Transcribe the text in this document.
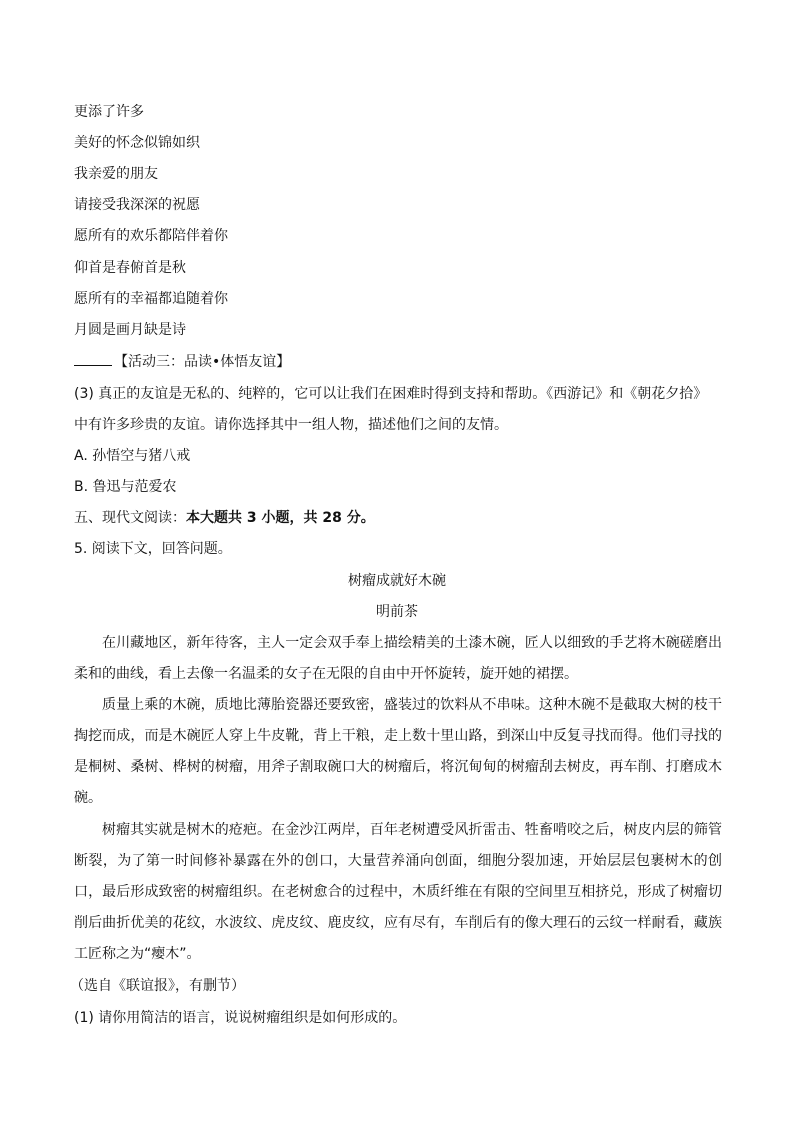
更添了许多
美好的怀念似锦如织
我亲爱的朋友
请接受我深深的祝愿
愿所有的欢乐都陪伴着你
仰首是春俯首是秋
愿所有的幸福都追随着你
月圆是画月缺是诗
【活动三：品读•体悟友谊】
(3) 真正的友谊是无私的、纯粹的，它可以让我们在困难时得到支持和帮助。《西游记》和《朝花夕拾》
中有许多珍贵的友谊。请你选择其中一组人物，描述他们之间的友情。
A. 孙悟空与猪八戒
B. 鲁迅与范爱农
五、现代文阅读：本大题共 3 小题，共 28 分。
5. 阅读下文，回答问题。
树瘤成就好木碗
明前茶
在川藏地区，新年待客，主人一定会双手奉上描绘精美的土漆木碗，匠人以细致的手艺将木碗磋磨出柔和的曲线，看上去像一名温柔的女子在无限的自由中开怀旋转，旋开她的裙摆。
质量上乘的木碗，质地比薄胎瓷器还要致密，盛装过的饮料从不串味。这种木碗不是截取大树的枝干掏挖而成，而是木碗匠人穿上牛皮靴，背上干粮，走上数十里山路，到深山中反复寻找而得。他们寻找的是桐树、桑树、桦树的树瘤，用斧子割取碗口大的树瘤后，将沉甸甸的树瘤刮去树皮，再车削、打磨成木碗。
树瘤其实就是树木的疮疤。在金沙江两岸，百年老树遭受风折雷击、牲畜啃咬之后，树皮内层的筛管断裂，为了第一时间修补暴露在外的创口，大量营养涌向创面，细胞分裂加速，开始层层包裹树木的创口，最后形成致密的树瘤组织。在老树愈合的过程中，木质纤维在有限的空间里互相挤兑，形成了树瘤切削后曲折优美的花纹，水波纹、虎皮纹、鹿皮纹，应有尽有，车削后有的像大理石的云纹一样耐看，藏族工匠称之为“瘿木”。
（选自《联谊报》，有删节）
(1) 请你用简洁的语言，说说树瘤组织是如何形成的。
